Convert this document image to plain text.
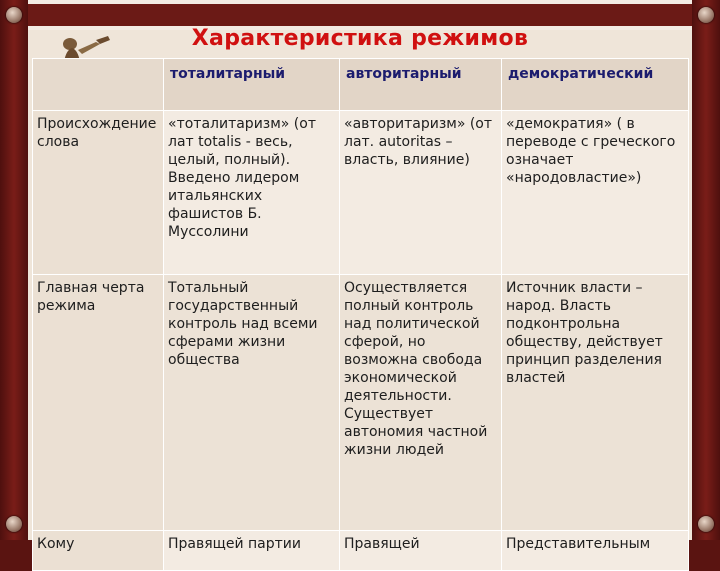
Характеристика режимов
	тоталитарный	авторитарный	демократический
Происхождение слова	«тоталитаризм» (от лат totalis - весь, целый, полный). Введено лидером итальянских фашистов Б. Муссолини	«авторитаризм» (от лат. autoritas – власть, влияние)	«демократия» ( в переводе с греческого означает «народовластие»)
Главная черта режима	Тотальный государственный контроль над всеми сферами жизни общества	Осуществляется полный контроль над политической сферой, но возможна свобода экономической деятельности. Существует автономия частной жизни людей	Источник власти – народ. Власть подконтрольна обществу, действует принцип разделения властей
Кому	Правящей партии	Правящей	Представительным
